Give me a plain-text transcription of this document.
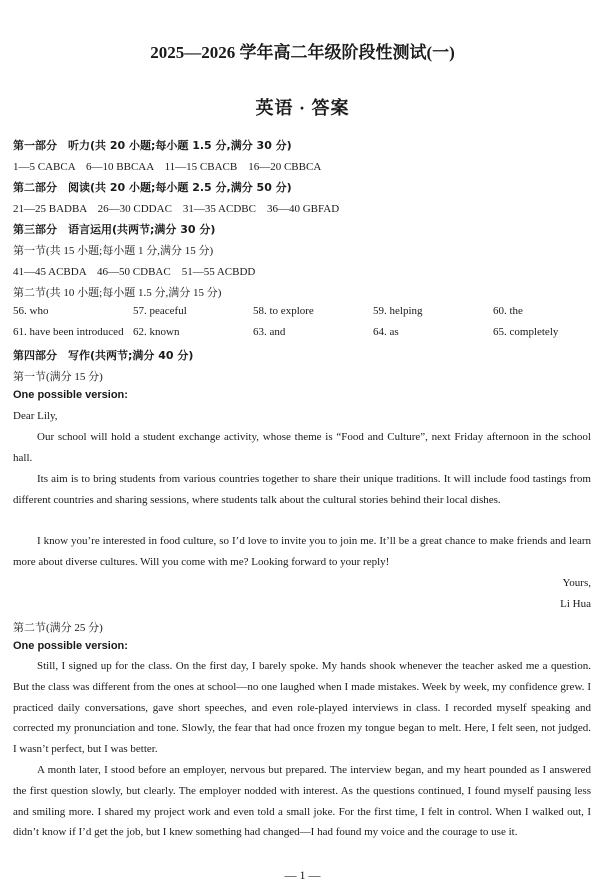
2025—2026 学年高二年级阶段性测试(一)
英语 · 答案
第一部分　听力(共 20 小题;每小题 1.5 分,满分 30 分)
1—5 CABCA　6—10 BBCAA　11—15 CBACB　16—20 CBBCA
第二部分　阅读(共 20 小题;每小题 2.5 分,满分 50 分)
21—25 BADBA　26—30 CDDAC　31—35 ACDBC　36—40 GBFAD
第三部分　语言运用(共两节;满分 30 分)
第一节(共 15 小题;每小题 1 分,满分 15 分)
41—45 ACBDA　46—50 CDBAC　51—55 ACBDD
第二节(共 10 小题;每小题 1.5 分,满分 15 分)
56. who	57. peaceful	58. to explore	59. helping	60. the
61. have been introduced 62. known	63. and	64. as	65. completely
第四部分　写作(共两节;满分 40 分)
第一节(满分 15 分)
One possible version:
Dear Lily,
Our school will hold a student exchange activity, whose theme is “Food and Culture”, next Friday afternoon in the school hall.
Its aim is to bring students from various countries together to share their unique traditions. It will include food tastings from different countries and sharing sessions, where students talk about the cultural stories behind their local dishes.
I know you’re interested in food culture, so I’d love to invite you to join me. It’ll be a great chance to make friends and learn more about diverse cultures. Will you come with me? Looking forward to your reply!
Yours,
Li Hua
第二节(满分 25 分)
One possible version:
Still, I signed up for the class. On the first day, I barely spoke. My hands shook whenever the teacher asked me a question. But the class was different from the ones at school—no one laughed when I made mistakes. Week by week, my confidence grew. I practiced daily conversations, gave short speeches, and even role-played interviews in class. I recorded myself speaking and corrected my pronunciation and tone. Slowly, the fear that had once frozen my tongue began to melt. Here, I felt seen, not judged. I wasn’t perfect, but I was better.
A month later, I stood before an employer, nervous but prepared. The interview began, and my heart pounded as I answered the first question slowly, but clearly. The employer nodded with interest. As the questions continued, I found myself pausing less and smiling more. I shared my project work and even told a small joke. For the first time, I felt in control. When I walked out, I didn’t know if I’d get the job, but I knew something had changed—I had found my voice and the courage to use it.
— 1 —
